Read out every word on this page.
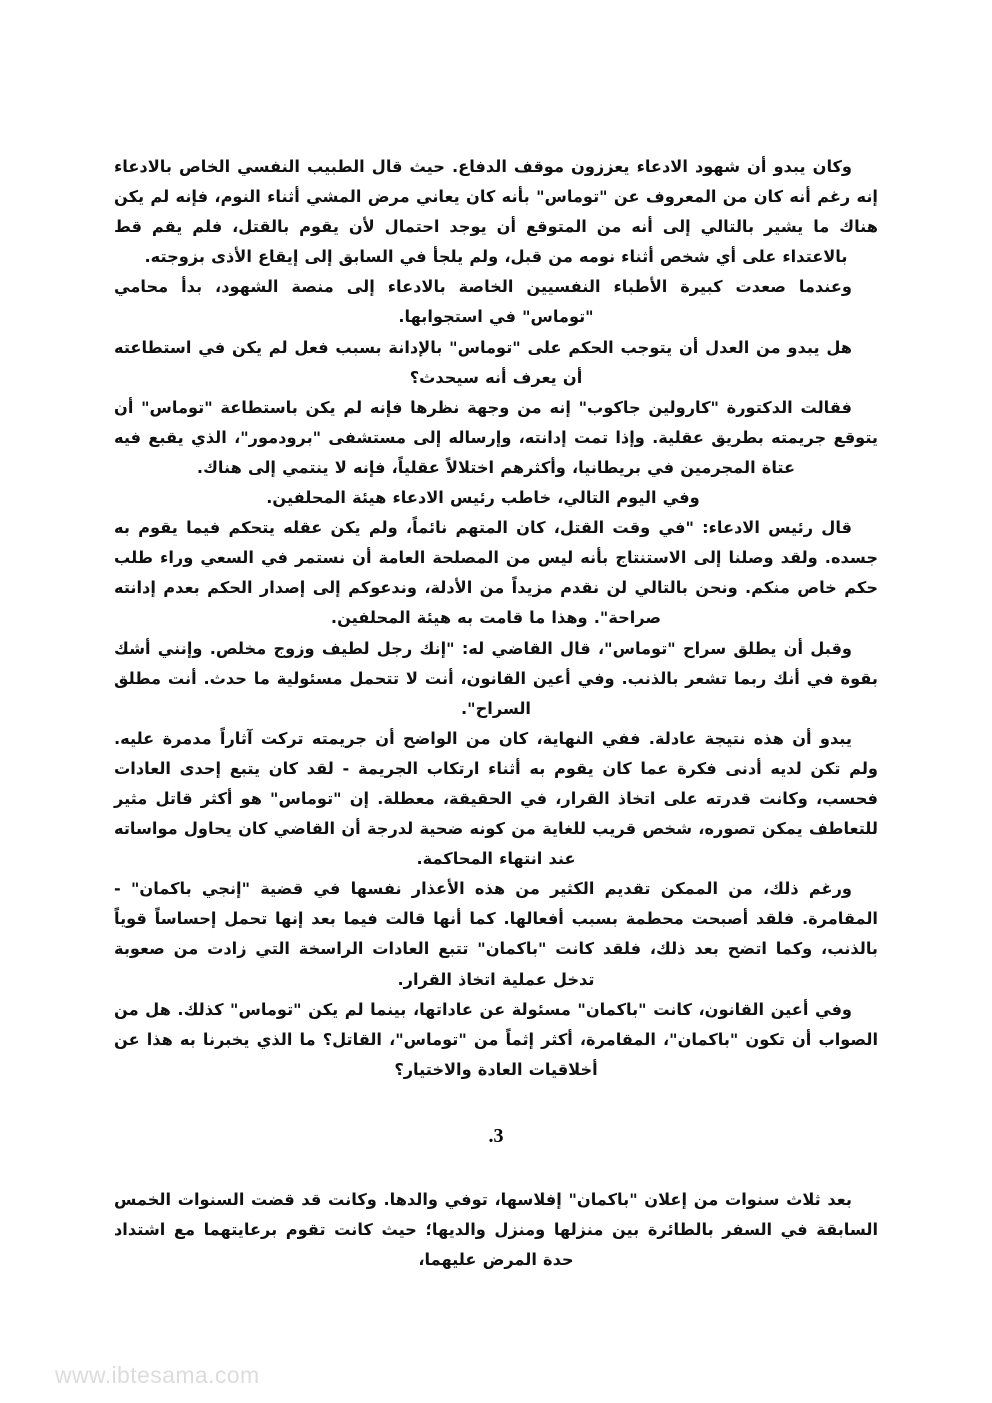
وكان يبدو أن شهود الادعاء يعززون موقف الدفاع. حيث قال الطبيب النفسي الخاص بالادعاء إنه رغم أنه كان من المعروف عن "توماس" بأنه كان يعاني مرض المشي أثناء النوم، فإنه لم يكن هناك ما يشير بالتالي إلى أنه من المتوقع أن يوجد احتمال لأن يقوم بالقتل، فلم يقم قط بالاعتداء على أي شخص أثناء نومه من قبل، ولم يلجأ في السابق إلى إيقاع الأذى بزوجته.

وعندما صعدت كبيرة الأطباء النفسيين الخاصة بالادعاء إلى منصة الشهود، بدأ محامي "توماس" في استجوابها.

هل يبدو من العدل أن يتوجب الحكم على "توماس" بالإدانة بسبب فعل لم يكن في استطاعته أن يعرف أنه سيحدث؟

فقالت الدكتورة "كارولين جاكوب" إنه من وجهة نظرها فإنه لم يكن باستطاعة "توماس" أن يتوقع جريمته بطريق عقلية. وإذا تمت إدانته، وإرساله إلى مستشفى "برودمور"، الذي يقبع فيه عتاة المجرمين في بريطانيا، وأكثرهم اختلالاً عقلياً، فإنه لا ينتمي إلى هناك.

وفي اليوم التالي، خاطب رئيس الادعاء هيئة المحلفين.

قال رئيس الادعاء: "في وقت القتل، كان المتهم نائماً، ولم يكن عقله يتحكم فيما يقوم به جسده. ولقد وصلنا إلى الاستنتاج بأنه ليس من المصلحة العامة أن نستمر في السعي وراء طلب حكم خاص منكم. ونحن بالتالي لن نقدم مزيداً من الأدلة، وندعوكم إلى إصدار الحكم بعدم إدانته صراحة". وهذا ما قامت به هيئة المحلفين.

وقبل أن يطلق سراح "توماس"، قال القاضي له: "إنك رجل لطيف وزوج مخلص. وإنني أشك بقوة في أنك ربما تشعر بالذنب. وفي أعين القانون، أنت لا تتحمل مسئولية ما حدث. أنت مطلق السراح".

يبدو أن هذه نتيجة عادلة. ففي النهاية، كان من الواضح أن جريمته تركت آثاراً مدمرة عليه. ولم تكن لديه أدنى فكرة عما كان يقوم به أثناء ارتكاب الجريمة - لقد كان يتبع إحدى العادات فحسب، وكانت قدرته على اتخاذ القرار، في الحقيقة، معطلة. إن "توماس" هو أكثر قاتل مثير للتعاطف يمكن تصوره، شخص قريب للغاية من كونه ضحية لدرجة أن القاضي كان يحاول مواساته عند انتهاء المحاكمة.

ورغم ذلك، من الممكن تقديم الكثير من هذه الأعذار نفسها في قضية "إنجي باكمان" - المقامرة. فلقد أصبحت محطمة بسبب أفعالها. كما أنها قالت فيما بعد إنها تحمل إحساساً قوياً بالذنب، وكما اتضح بعد ذلك، فلقد كانت "باكمان" تتبع العادات الراسخة التي زادت من صعوبة تدخل عملية اتخاذ القرار.

وفي أعين القانون، كانت "باكمان" مسئولة عن عاداتها، بينما لم يكن "توماس" كذلك. هل من الصواب أن تكون "باكمان"، المقامرة، أكثر إثماً من "توماس"، القاتل؟ ما الذي يخبرنا به هذا عن أخلاقيات العادة والاختيار؟

3.

بعد ثلاث سنوات من إعلان "باكمان" إفلاسها، توفي والدها. وكانت قد قضت السنوات الخمس السابقة في السفر بالطائرة بين منزلها ومنزل والديها؛ حيث كانت تقوم برعايتهما مع اشتداد حدة المرض عليهما،

www.ibtesama.com
